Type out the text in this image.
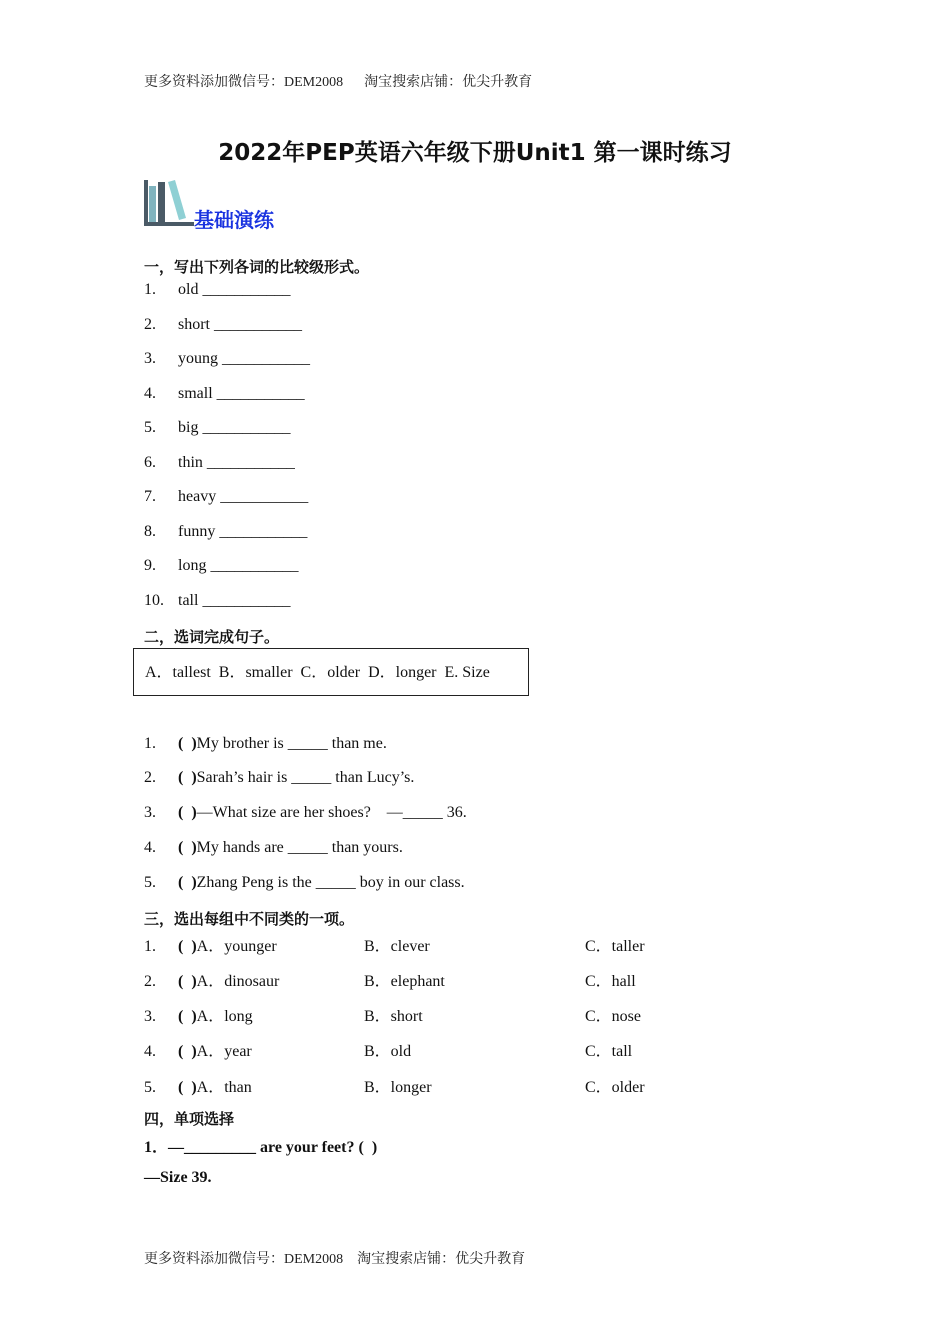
更多资料添加微信号：DEM2008      淘宝搜索店铺：优尖升教育
2022年PEP英语六年级下册Unit1 第一课时练习
基础演练
一，写出下列各词的比较级形式。
1. old ___________
2. short ___________
3. young ___________
4. small ___________
5. big ___________
6. thin ___________
7. heavy ___________
8. funny ___________
9. long ___________
10. tall ___________
二，选词完成句子。
A．tallest  B．smaller  C．older  D．longer  E. Size
1. (  )My brother is _____ than me.
2. (  )Sarah’s hair is _____ than Lucy’s.
3. (  )—What size are her shoes?    —_____ 36.
4. (  )My hands are _____ than yours.
5. (  )Zhang Peng is the _____ boy in our class.
三，选出每组中不同类的一项。
1. (  )A．younger	B．clever	C．taller
2. (  )A．dinosaur	B．elephant	C．hall
3. (  )A．long	B．short	C．nose
4. (  )A．year	B．old	C．tall
5. (  )A．than	B．longer	C．older
四，单项选择
1．—_________ are your feet? (  )
—Size 39.
更多资料添加微信号：DEM2008    淘宝搜索店铺：优尖升教育
